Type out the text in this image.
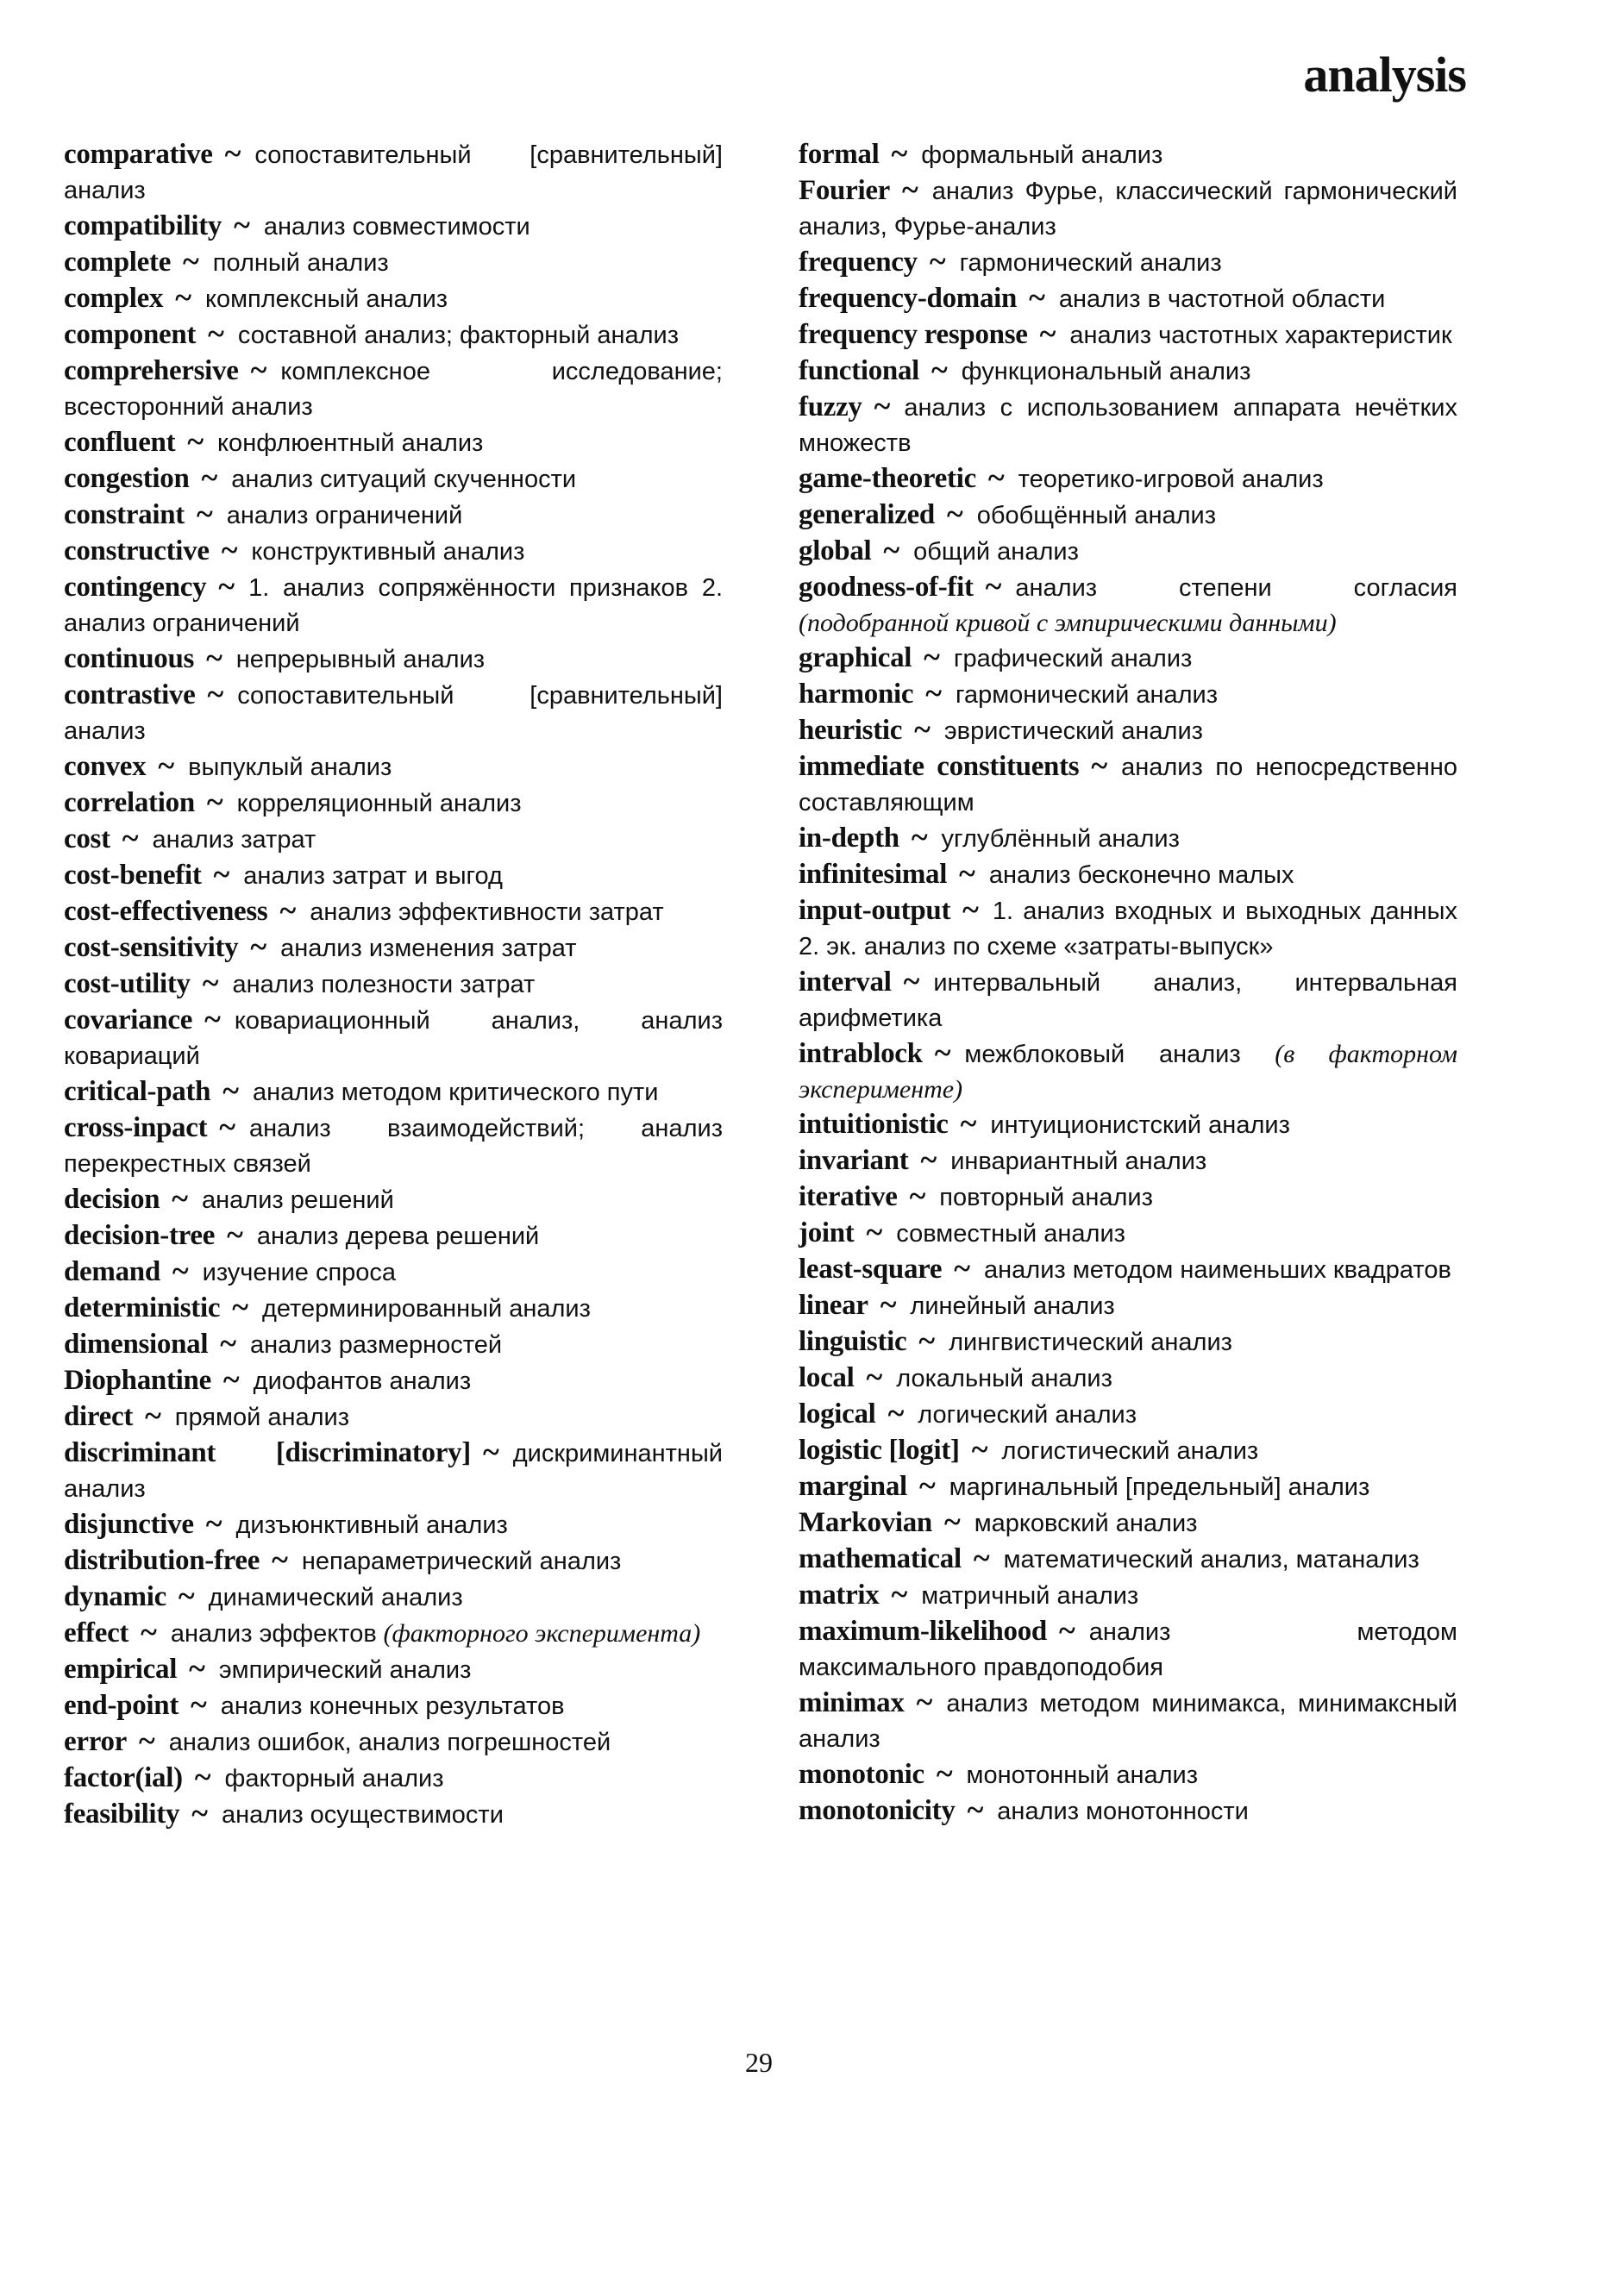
analysis

comparative ~ сопоставительный [сравнительный] анализ

compatibility ~ анализ совместимости

complete ~ полный анализ

complex ~ комплексный анализ

component ~ составной анализ; факторный анализ

comprehersive ~ комплексное исследование; всесторонний анализ

confluent ~ конфлюентный анализ

congestion ~ анализ ситуаций скученности

constraint ~ анализ ограничений

constructive ~ конструктивный анализ

contingency ~ 1. анализ сопряжённости признаков 2. анализ ограничений

continuous ~ непрерывный анализ

contrastive ~ сопоставительный [сравнительный] анализ

convex ~ выпуклый анализ

correlation ~ корреляционный анализ

cost ~ анализ затрат

cost-benefit ~ анализ затрат и выгод

cost-effectiveness ~ анализ эффективности затрат

cost-sensitivity ~ анализ изменения затрат

cost-utility ~ анализ полезности затрат

covariance ~ ковариационный анализ, анализ ковариаций

critical-path ~ анализ методом критического пути

cross-inpact ~ анализ взаимодействий; анализ перекрестных связей

decision ~ анализ решений

decision-tree ~ анализ дерева решений

demand ~ изучение спроса

deterministic ~ детерминированный анализ

dimensional ~ анализ размерностей

Diophantine ~ диофантов анализ

direct ~ прямой анализ

discriminant [discriminatory] ~ дискриминантный анализ

disjunctive ~ дизъюнктивный анализ

distribution-free ~ непараметрический анализ

dynamic ~ динамический анализ

effect ~ анализ эффектов (факторного эксперимента)

empirical ~ эмпирический анализ

end-point ~ анализ конечных результатов

error ~ анализ ошибок, анализ погрешностей

factor(ial) ~ факторный анализ

feasibility ~ анализ осуществимости

formal ~ формальный анализ

Fourier ~ анализ Фурье, классический гармонический анализ, Фурье-анализ

frequency ~ гармонический анализ

frequency-domain ~ анализ в частотной области

frequency response ~ анализ частотных характеристик

functional ~ функциональный анализ

fuzzy ~ анализ с использованием аппарата нечётких множеств

game-theoretic ~ теоретико-игровой анализ

generalized ~ обобщённый анализ

global ~ общий анализ

goodness-of-fit ~ анализ степени согласия (подобранной кривой с эмпирическими данными)

graphical ~ графический анализ

harmonic ~ гармонический анализ

heuristic ~ эвристический анализ

immediate constituents ~ анализ по непосредственно составляющим

in-depth ~ углублённый анализ

infinitesimal ~ анализ бесконечно малых

input-output ~ 1. анализ входных и выходных данных 2. эк. анализ по схеме «затраты-выпуск»

interval ~ интервальный анализ, интервальная арифметика

intrablock ~ межблоковый анализ (в факторном эксперименте)

intuitionistic ~ интуиционистский анализ

invariant ~ инвариантный анализ

iterative ~ повторный анализ

joint ~ совместный анализ

least-square ~ анализ методом наименьших квадратов

linear ~ линейный анализ

linguistic ~ лингвистический анализ

local ~ локальный анализ

logical ~ логический анализ

logistic [logit] ~ логистический анализ

marginal ~ маргинальный [предельный] анализ

Markovian ~ марковский анализ

mathematical ~ математический анализ, матанализ

matrix ~ матричный анализ

maximum-likelihood ~ анализ методом максимального правдоподобия

minimax ~ анализ методом минимакса, минимаксный анализ

monotonic ~ монотонный анализ

monotonicity ~ анализ монотонности

29
